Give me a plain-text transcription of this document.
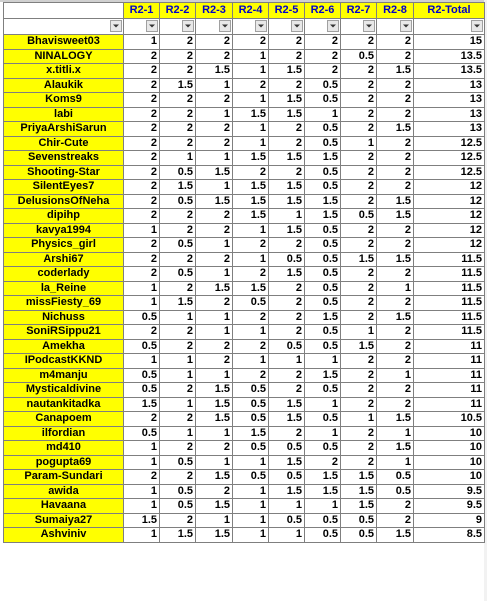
	R2-1	R2-2	R2-3	R2-4	R2-5	R2-6	R2-7	R2-8	R2-Total

Bhavisweet03	1	2	2	2	2	2	2	2	15
NINALOGY	2	2	2	1	2	2	0.5	2	13.5
x.titli.x	2	2	1.5	1	1.5	2	2	1.5	13.5
Alaukik	2	1.5	1	2	2	0.5	2	2	13
Koms9	2	2	2	1	1.5	0.5	2	2	13
labi	2	2	1	1.5	1.5	1	2	2	13
PriyaArshiSarun	2	2	2	1	2	0.5	2	1.5	13
Chir-Cute	2	2	2	1	2	0.5	1	2	12.5
Sevenstreaks	2	1	1	1.5	1.5	1.5	2	2	12.5
Shooting-Star	2	0.5	1.5	2	2	0.5	2	2	12.5
SilentEyes7	2	1.5	1	1.5	1.5	0.5	2	2	12
DelusionsOfNeha	2	0.5	1.5	1.5	1.5	1.5	2	1.5	12
dipihp	2	2	2	1.5	1	1.5	0.5	1.5	12
kavya1994	1	2	2	1	1.5	0.5	2	2	12
Physics_girl	2	0.5	1	2	2	0.5	2	2	12
Arshi67	2	2	2	1	0.5	0.5	1.5	1.5	11.5
coderlady	2	0.5	1	2	1.5	0.5	2	2	11.5
la_Reine	1	2	1.5	1.5	2	0.5	2	1	11.5
missFiesty_69	1	1.5	2	0.5	2	0.5	2	2	11.5
Nichuss	0.5	1	1	2	2	1.5	2	1.5	11.5
SoniRSippu21	2	2	1	1	2	0.5	1	2	11.5
Amekha	0.5	2	2	2	0.5	0.5	1.5	2	11
IPodcastKKND	1	1	2	1	1	1	2	2	11
m4manju	0.5	1	1	2	2	1.5	2	1	11
Mysticaldivine	0.5	2	1.5	0.5	2	0.5	2	2	11
nautankitadka	1.5	1	1.5	0.5	1.5	1	2	2	11
Canapoem	2	2	1.5	0.5	1.5	0.5	1	1.5	10.5
ilfordian	0.5	1	1	1.5	2	1	2	1	10
md410	1	2	2	0.5	0.5	0.5	2	1.5	10
pogupta69	1	0.5	1	1	1.5	2	2	1	10
Param-Sundari	2	2	1.5	0.5	0.5	1.5	1.5	0.5	10
awida	1	0.5	2	1	1.5	1.5	1.5	0.5	9.5
Havaana	1	0.5	1.5	1	1	1	1.5	2	9.5
Sumaiya27	1.5	2	1	1	0.5	0.5	0.5	2	9
Ashviniv	1	1.5	1.5	1	1	0.5	0.5	1.5	8.5
